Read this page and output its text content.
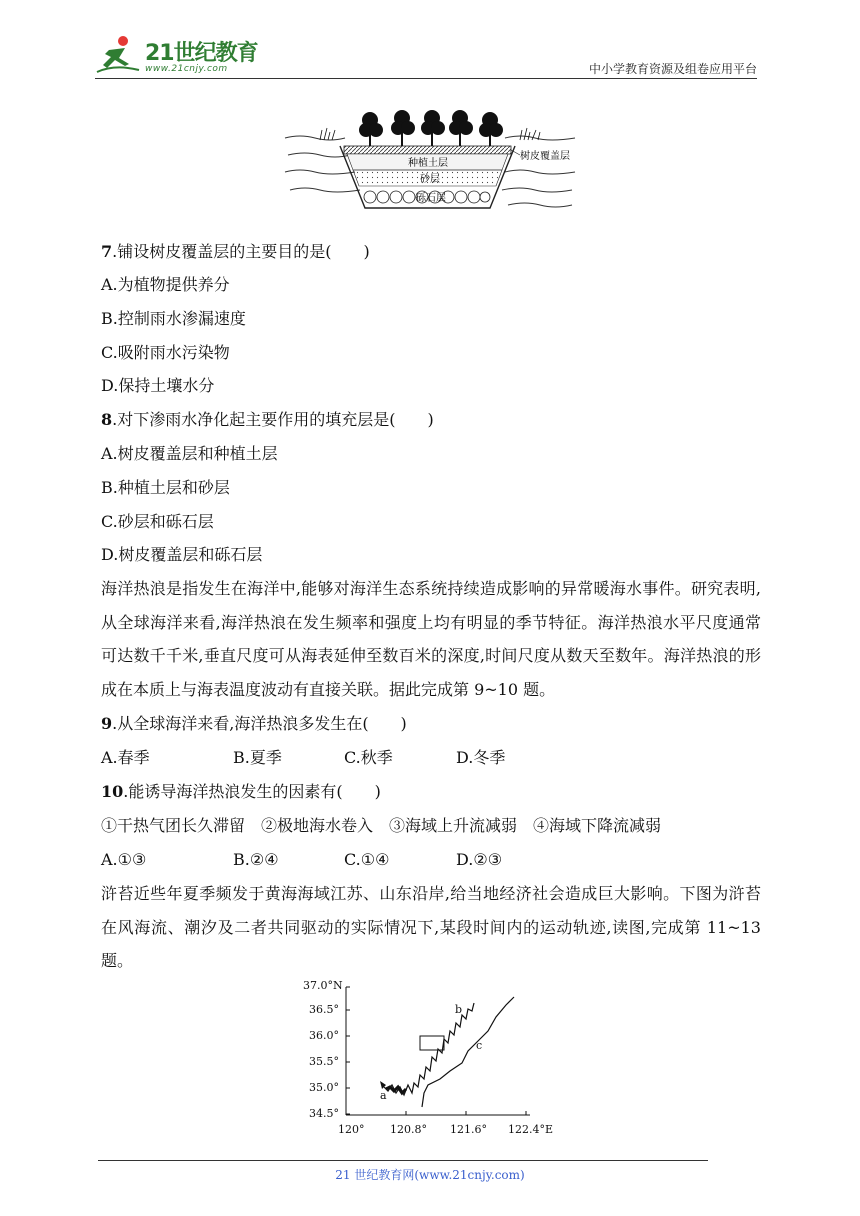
21世纪教育
www.21cnjy.com	中小学教育资源及组卷应用平台
树皮覆盖层
种植土层
砂层
砾石层
7.铺设树皮覆盖层的主要目的是(　　)
A.为植物提供养分
B.控制雨水渗漏速度
C.吸附雨水污染物
D.保持土壤水分
8.对下渗雨水净化起主要作用的填充层是(　　)
A.树皮覆盖层和种植土层
B.种植土层和砂层
C.砂层和砾石层
D.树皮覆盖层和砾石层
海洋热浪是指发生在海洋中,能够对海洋生态系统持续造成影响的异常暖海水事件。研究表明,从全球海洋来看,海洋热浪在发生频率和强度上均有明显的季节特征。海洋热浪水平尺度通常可达数千千米,垂直尺度可从海表延伸至数百米的深度,时间尺度从数天至数年。海洋热浪的形成在本质上与海表温度波动有直接关联。据此完成第 9~10 题。
9.从全球海洋来看,海洋热浪多发生在(　　)
A.春季	B.夏季	C.秋季	D.冬季
10.能诱导海洋热浪发生的因素有(　　)
①干热气团长久滞留　②极地海水卷入　③海域上升流减弱　④海域下降流减弱
A.①③	B.②④	C.①④	D.②③
浒苔近些年夏季频发于黄海海域江苏、山东沿岸,给当地经济社会造成巨大影响。下图为浒苔在风海流、潮汐及二者共同驱动的实际情况下,某段时间内的运动轨迹,读图,完成第 11~13 题。
37.0°N
36.5°
36.0°
35.5°
35.0°
34.5°
120° 120.8° 121.6° 122.4°E
a
b
c
21 世纪教育网(www.21cnjy.com)
